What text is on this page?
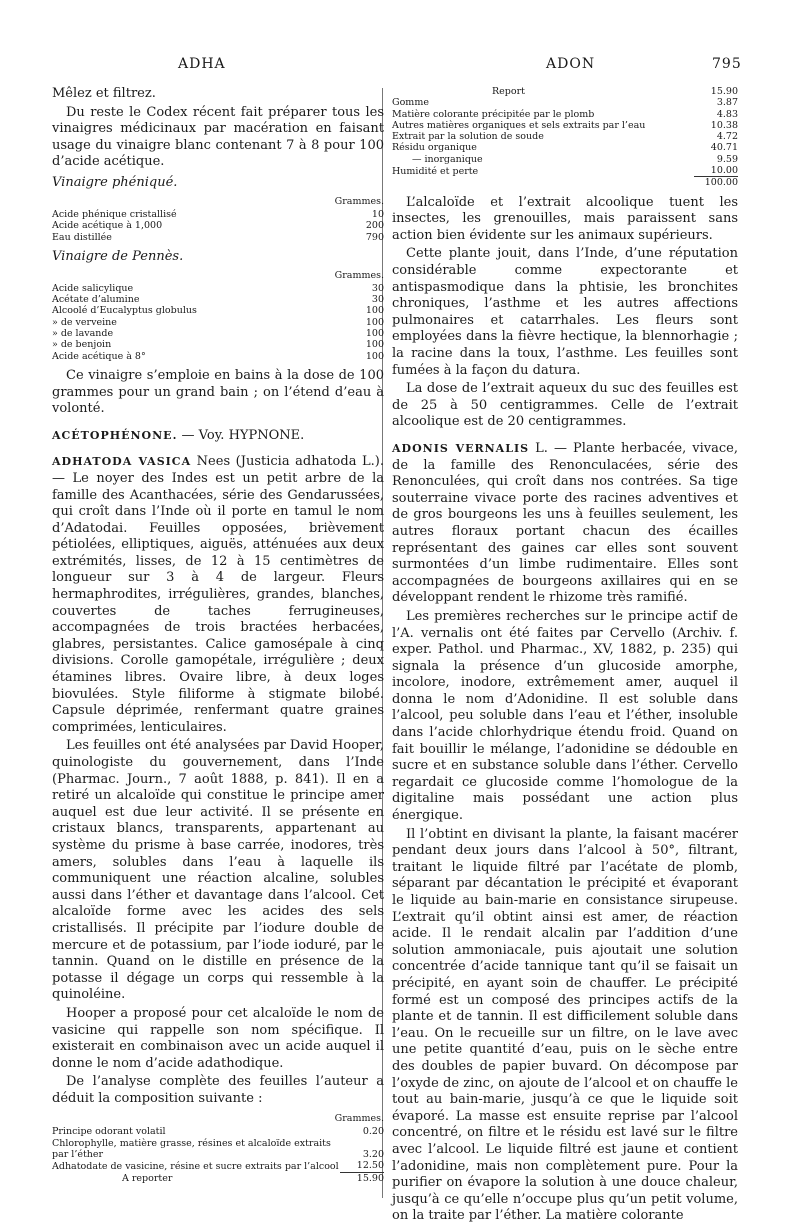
ADHA	ADON	795

Mêlez et filtrez.

Du reste le Codex récent fait préparer tous les vinaigres médicinaux par macération en faisant usage du vinaigre blanc contenant 7 à 8 pour 100 d’acide acétique.

Vinaigre phéniqué.
Grammes.
Acide phénique cristallisé	10
Acide acétique à 1,000	200
Eau distillée	790
Vinaigre de Pennès.
Grammes.
Acide salicylique	30
Acétate d’alumine	30
Alcoolé d’Eucalyptus globulus	100
» de verveine	100
» de lavande	100
» de benjoin	100
Acide acétique à 8°	100

Ce vinaigre s’emploie en bains à la dose de 100 grammes pour un grand bain ; on l’étend d’eau à volonté.

ACÉTOPHÉNONE. — Voy. HYPNONE.

ADHATODA VASICA Nees (Justicia adhatoda L.). — Le noyer des Indes est un petit arbre de la famille des Acanthacées, série des Gendarussées, qui croît dans l’Inde où il porte en tamul le nom d’Adatodai. Feuilles opposées, brièvement pétiolées, elliptiques, aiguës, atténuées aux deux extrémités, lisses, de 12 à 15 centimètres de longueur sur 3 à 4 de largeur. Fleurs hermaphrodites, irrégulières, grandes, blanches, couvertes de taches ferrugineuses, accompagnées de trois bractées herbacées, glabres, persistantes. Calice gamosépale à cinq divisions. Corolle gamopétale, irrégulière ; deux étamines libres. Ovaire libre, à deux loges biovulées. Style filiforme à stigmate bilobé. Capsule déprimée, renfermant quatre graines comprimées, lenticulaires.

Les feuilles ont été analysées par David Hooper, quinologiste du gouvernement, dans l’Inde (Pharmac. Journ., 7 août 1888, p. 841). Il en a retiré un alcaloïde qui constitue le principe amer auquel est due leur activité. Il se présente en cristaux blancs, transparents, appartenant au système du prisme à base carrée, inodores, très amers, solubles dans l’eau à laquelle ils communiquent une réaction alcaline, solubles aussi dans l’éther et davantage dans l’alcool. Cet alcaloïde forme avec les acides des sels cristallisés. Il précipite par l’iodure double de mercure et de potassium, par l’iode ioduré, par le tannin. Quand on le distille en présence de la potasse il dégage un corps qui ressemble à la quinoléine.

Hooper a proposé pour cet alcaloïde le nom de vasicine qui rappelle son nom spécifique. Il existerait en combinaison avec un acide auquel il donne le nom d’acide adathodique.

De l’analyse complète des feuilles l’auteur a déduit la composition suivante :

Grammes.
Principe odorant volatil	0.20
Chlorophylle, matière grasse, résines et alcaloïde extraits par l’éther	3.20
Adhatodate de vasicine, résine et sucre extraits par l’alcool	12.50
A reporter	15.90
Report	15.90
Gomme	3.87
Matière colorante précipitée par le plomb	4.83
Autres matières organiques et sels extraits par l’eau	10.38
Extrait par la solution de soude	4.72
Résidu organique	40.71
— inorganique	9.59
Humidité et perte	10.00
	100.00

L’alcaloïde et l’extrait alcoolique tuent les insectes, les grenouilles, mais paraissent sans action bien évidente sur les animaux supérieurs.

Cette plante jouit, dans l’Inde, d’une réputation considérable comme expectorante et antispasmodique dans la phtisie, les bronchites chroniques, l’asthme et les autres affections pulmonaires et catarrhales. Les fleurs sont employées dans la fièvre hectique, la blennorhagie ; la racine dans la toux, l’asthme. Les feuilles sont fumées à la façon du datura.

La dose de l’extrait aqueux du suc des feuilles est de 25 à 50 centigrammes. Celle de l’extrait alcoolique est de 20 centigrammes.

ADONIS VERNALIS L. — Plante herbacée, vivace, de la famille des Renonculacées, série des Renonculées, qui croît dans nos contrées. Sa tige souterraine vivace porte des racines adventives et de gros bourgeons les uns à feuilles seulement, les autres floraux portant chacun des écailles représentant des gaines car elles sont souvent surmontées d’un limbe rudimentaire. Elles sont accompagnées de bourgeons axillaires qui en se développant rendent le rhizome très ramifié.

Les premières recherches sur le principe actif de l’A. vernalis ont été faites par Cervello (Archiv. f. exper. Pathol. und Pharmac., XV, 1882, p. 235) qui signala la présence d’un glucoside amorphe, incolore, inodore, extrêmement amer, auquel il donna le nom d’Adonidine. Il est soluble dans l’alcool, peu soluble dans l’eau et l’éther, insoluble dans l’acide chlorhydrique étendu froid. Quand on fait bouillir le mélange, l’adonidine se dédouble en sucre et en substance soluble dans l’éther. Cervello regardait ce glucoside comme l’homologue de la digitaline mais possédant une action plus énergique.

Il l’obtint en divisant la plante, la faisant macérer pendant deux jours dans l’alcool à 50°, filtrant, traitant le liquide filtré par l’acétate de plomb, séparant par décantation le précipité et évaporant le liquide au bain-marie en consistance sirupeuse. L’extrait qu’il obtint ainsi est amer, de réaction acide. Il le rendait alcalin par l’addition d’une solution ammoniacale, puis ajoutait une solution concentrée d’acide tannique tant qu’il se faisait un précipité, en ayant soin de chauffer. Le précipité formé est un composé des principes actifs de la plante et de tannin. Il est difficilement soluble dans l’eau. On le recueille sur un filtre, on le lave avec une petite quantité d’eau, puis on le sèche entre des doubles de papier buvard. On décompose par l’oxyde de zinc, on ajoute de l’alcool et on chauffe le tout au bain-marie, jusqu’à ce que le liquide soit évaporé. La masse est ensuite reprise par l’alcool concentré, on filtre et le résidu est lavé sur le filtre avec l’alcool. Le liquide filtré est jaune et contient l’adonidine, mais non complètement pure. Pour la purifier on évapore la solution à une douce chaleur, jusqu’à ce qu’elle n’occupe plus qu’un petit volume, on la traite par l’éther. La matière colorante
